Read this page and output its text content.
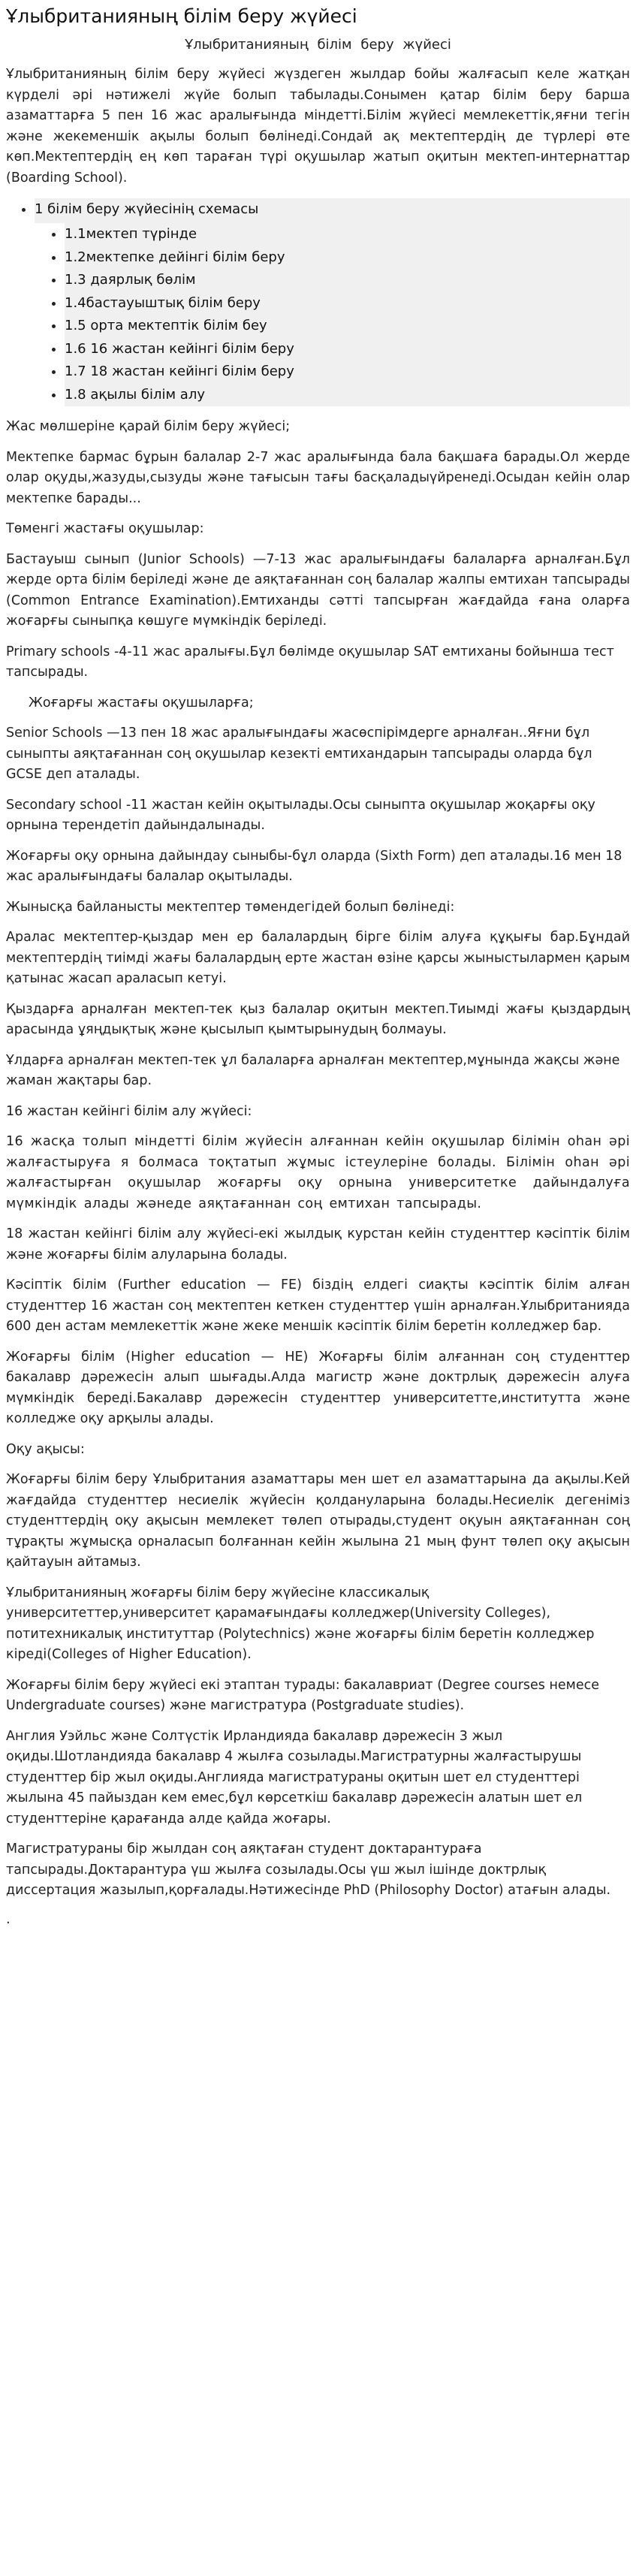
Ұлыбританияның білім беру жүйесі
Ұлыбританияның білім беру жүйесі

Ұлыбританияның білім беру жүйесі жүздеген жылдар бойы жалғасып келе жатқан күрделі әрі нәтижелі жүйе болып табылады.Сонымен қатар білім беру барша азаматтарға 5 пен 16 жас аралығында міндетті.Білім жүйесі мемлекеттік,яғни тегін және жекеменшік ақылы болып бөлінеді.Сондай ақ мектептердің де түрлері өте көп.Мектептердің ең көп тараған түрі оқушылар жатып оқитын мектеп-интернаттар (Boarding School).

• 1 білім беру жүйесінің схемасы
• 1.1мектеп түрінде
• 1.2мектепке дейінгі білім беру
• 1.3 даярлық бөлім
• 1.4бастауыштық білім беру
• 1.5 орта мектептік білім беу
• 1.6 16 жастан кейінгі білім беру
• 1.7 18 жастан кейінгі білім беру
• 1.8 ақылы білім алу

Жас мөлшеріне қарай білім беру жүйесі;

Мектепке бармас бұрын балалар 2-7 жас аралығында бала бақшаға барады.Ол жерде олар оқуды,жазуды,сызуды және тағысын тағы басқаладыүйренеді.Осыдан кейін олар мектепке барады...

Төменгі жастағы оқушылар:

Бастауыш сынып (Junior Schools) —7-13 жас аралығындағы балаларға арналған.Бұл жерде орта білім беріледі және де аяқтағаннан соң балалар жалпы емтихан тапсырады (Common Entrance Examination).Емтиханды сәтті тапсырған жағдайда ғана оларға жоғарғы сыныпқа көшуге мүмкіндік беріледі.

Primary schools -4-11 жас аралығы.Бұл бөлімде оқушылар SAT емтиханы бойынша тест тапсырады.

Жоғарғы жастағы оқушыларға;

Senior Schools —13 пен 18 жас аралығындағы жасөспірімдерге арналған..Яғни бұл сыныпты аяқтағаннан соң оқушылар кезекті емтихандарын тапсырады оларда бұл GCSE деп аталады.

Secondary school -11 жастан кейін оқытылады.Осы сыныпта оқушылар жоқарғы оқу орнына терендетіп дайындалынады.

Жоғарғы оқу орнына дайындау сыныбы-бұл оларда (Sixth Form) деп аталады.16 мен 18 жас аралығындағы балалар оқытылады.

Жынысқа байланысты мектептер төмендегідей болып бөлінеді:

Аралас мектептер-қыздар мен ер балалардың бірге білім алуға құқығы бар.Бұндай мектептердің тиімді жағы балалардың ерте жастан өзіне қарсы жыныстылармен қарым қатынас жасап араласып кетуі.

Қыздарға арналған мектеп-тек қыз балалар оқитын мектеп.Тиымді жағы қыздардың арасында ұяңдықтық және қысылып қымтырынудың болмауы.

Ұлдарға арналған мектеп-тек ұл балаларға арналған мектептер,мұнында жақсы және жаман жақтары бар.

16 жастан кейінгі білім алу жүйесі:

16 жасқа толып міндетті білім жүйесін алғаннан кейін оқушылар білімін оһан әрі жалғастыруға я болмаса тоқтатып жұмыс істеулеріне болады. Білімін оһан әрі жалғастырған оқушылар жоғарғы оқу орнына университетке дайындалуға мүмкіндік алады жәнеде аяқтағаннан соң емтихан тапсырады.

18 жастан кейінгі білім алу жүйесі-екі жылдық курстан кейін студенттер кәсіптік білім және жоғарғы білім алуларына болады.

Кәсіптік білім (Further education — FE) біздің елдегі сиақты кәсіптік білім алған студенттер 16 жастан соң мектептен кеткен студенттер үшін арналған.Ұлыбританияда 600 ден астам мемлекеттік және жеке меншік кәсіптік білім беретін колледжер бар.

Жоғарғы білім (Higher education — HE) Жоғарғы білім алғаннан соң студенттер бакалавр дәрежесін алып шығады.Алда магистр және доктрлық дәрежесін алуға мүмкіндік береді.Бакалавр дәрежесін студенттер университетте,институтта және колледже оқу арқылы алады.

Оқу ақысы:

Жоғарғы білім беру Ұлыбритания азаматтары мен шет ел азаматтарына да ақылы.Кей жағдайда студенттер несиелік жүйесін қолдануларына болады.Несиелік дегеніміз студенттердің оқу ақысын мемлекет төлеп отырады,студент оқуын аяқтағаннан соң тұрақты жұмысқа орналасып болғаннан кейін жылына 21 мың фунт төлеп оқу ақысын қайтауын айтамыз.

Ұлыбританияның жоғарғы білім беру жүйесіне классикалық университеттер,университет қарамағындағы колледжер(University Colleges), потитехникалық институттар (Polytechnics) және жоғарғы білім беретін колледжер кіреді(Colleges of Higher Education).

Жоғарғы білім беру жүйесі екі этаптан турады: бакалавриат (Degree courses немесе Undergraduate courses) және магистратура (Postgraduate studies).

Англия Уэйльс және Солтүстік Ирландияда бакалавр дәрежесін 3 жыл оқиды.Шотландияда бакалавр 4 жылға созылады.Магистратурны жалғастырушы студенттер бір жыл оқиды.Англияда магистратураны оқитын шет ел студенттері жылына 45 пайыздан кем емес,бұл көрсеткіш бакалавр дәрежесін алатын шет ел студенттеріне қарағанда алде қайда жоғары.

Магистратураны бір жылдан соң аяқтаған студент доктарантураға тапсырады.Доктарантура үш жылға созылады.Осы үш жыл ішінде доктрлық диссертация жазылып,қорғалады.Нәтижесінде PhD (Philosophy Doctor) атағын алады.

.
